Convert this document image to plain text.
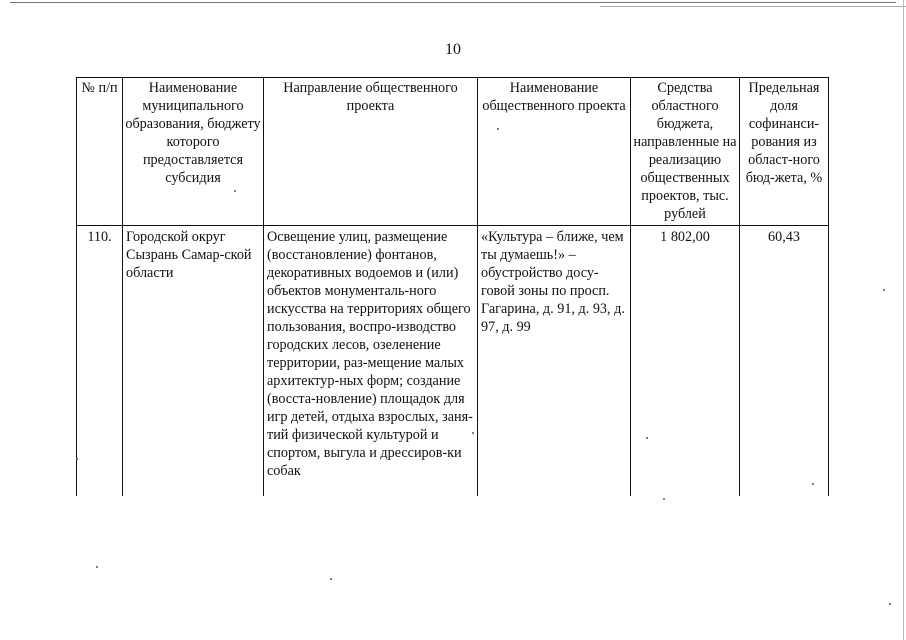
10
№ п/п	Наименование муниципального образования, бюджету которого предоставляется субсидия	Направление общественного проекта	Наименование общественного проекта	Средства областного бюджета, направленные на реализацию общественных проектов, тыс. рублей	Предельная доля софинанси-рования из област-ного бюд-жета, %
110.	Городской округ Сызрань Самар-ской области	Освещение улиц, размещение (восстановление) фонтанов, декоративных водоемов и (или) объектов монументаль-ного искусства на территориях общего пользования, воспро-изводство городских лесов, озеленение территории, раз-мещение малых архитектур-ных форм; создание (восста-новление) площадок для игр детей, отдыха взрослых, заня-тий физической культурой и спортом, выгула и дрессиров-ки собак	«Культура – ближе, чем ты думаешь!» – обустройство досу-говой зоны по просп. Гагарина, д. 91, д. 93, д. 97, д. 99	1 802,00	60,43
